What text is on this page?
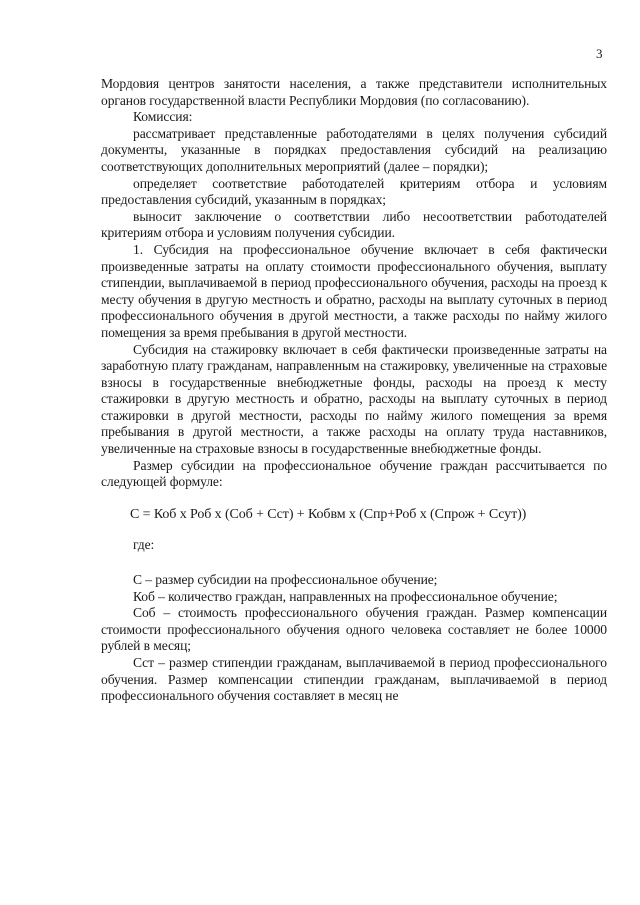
3

Мордовия центров занятости населения, а также представители исполнительных органов государственной власти Республики Мордовия (по согласованию).

Комиссия:

рассматривает представленные работодателями в целях получения субсидий документы, указанные в порядках предоставления субсидий на реализацию соответствующих дополнительных мероприятий (далее – порядки);

определяет соответствие работодателей критериям отбора и условиям предоставления субсидий, указанным в порядках;

выносит заключение о соответствии либо несоответствии работодателей критериям отбора и условиям получения субсидии.

1. Субсидия на профессиональное обучение включает в себя фактически произведенные затраты на оплату стоимости профессионального обучения, выплату стипендии, выплачиваемой в период профессионального обучения, расходы на проезд к месту обучения в другую местность и обратно, расходы на выплату суточных в период профессионального обучения в другой местности, а также расходы по найму жилого помещения за время пребывания в другой местности.

Субсидия на стажировку включает в себя фактически произведенные затраты на заработную плату гражданам, направленным на стажировку, увеличенные на страховые взносы в государственные внебюджетные фонды, расходы на проезд к месту стажировки в другую местность и обратно, расходы на выплату суточных в период стажировки в другой местности, расходы по найму жилого помещения за время пребывания в другой местности, а также расходы на оплату труда наставников, увеличенные на страховые взносы в государственные внебюджетные фонды.

Размер субсидии на профессиональное обучение граждан рассчитывается по следующей формуле:

С = Коб х Роб х (Соб + Сст) + Кобвм х (Спр+Роб х (Спрож + Ссут))

где:

С – размер субсидии на профессиональное обучение;

Коб – количество граждан, направленных на профессиональное обучение;

Соб – стоимость профессионального обучения граждан. Размер компенсации стоимости профессионального обучения одного человека составляет не более 10000 рублей в месяц;

Сст – размер стипендии гражданам, выплачиваемой в период профессионального обучения. Размер компенсации стипендии гражданам, выплачиваемой в период профессионального обучения составляет в месяц не
